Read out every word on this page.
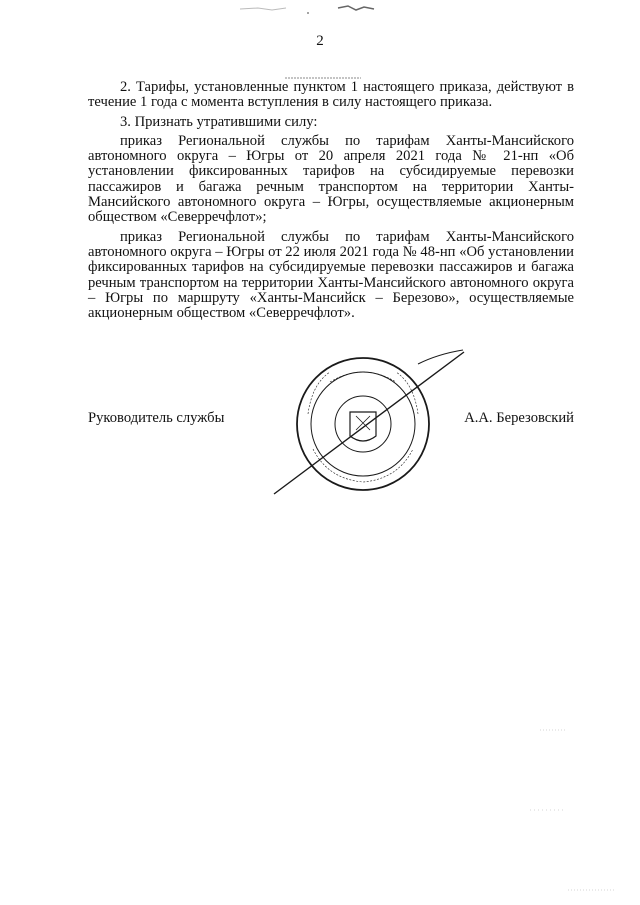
2

2. Тарифы, установленные пунктом 1 настоящего приказа, действуют в течение 1 года с момента вступления в силу настоящего приказа.

3. Признать утратившими силу:

приказ Региональной службы по тарифам Ханты-Мансийского автономного округа – Югры от 20 апреля 2021 года № 21-нп «Об установлении фиксированных тарифов на субсидируемые перевозки пассажиров и багажа речным транспортом на территории Ханты-Мансийского автономного округа – Югры, осуществляемые акционерным обществом «Северречфлот»;

приказ Региональной службы по тарифам Ханты-Мансийского автономного округа – Югры от 22 июля 2021 года № 48-нп «Об установлении фиксированных тарифов на субсидируемые перевозки пассажиров и багажа речным транспортом на территории Ханты-Мансийского автономного округа – Югры по маршруту «Ханты-Мансийск – Березово», осуществляемые акционерным обществом «Северречфлот».

Руководитель службы	А.А. Березовский
